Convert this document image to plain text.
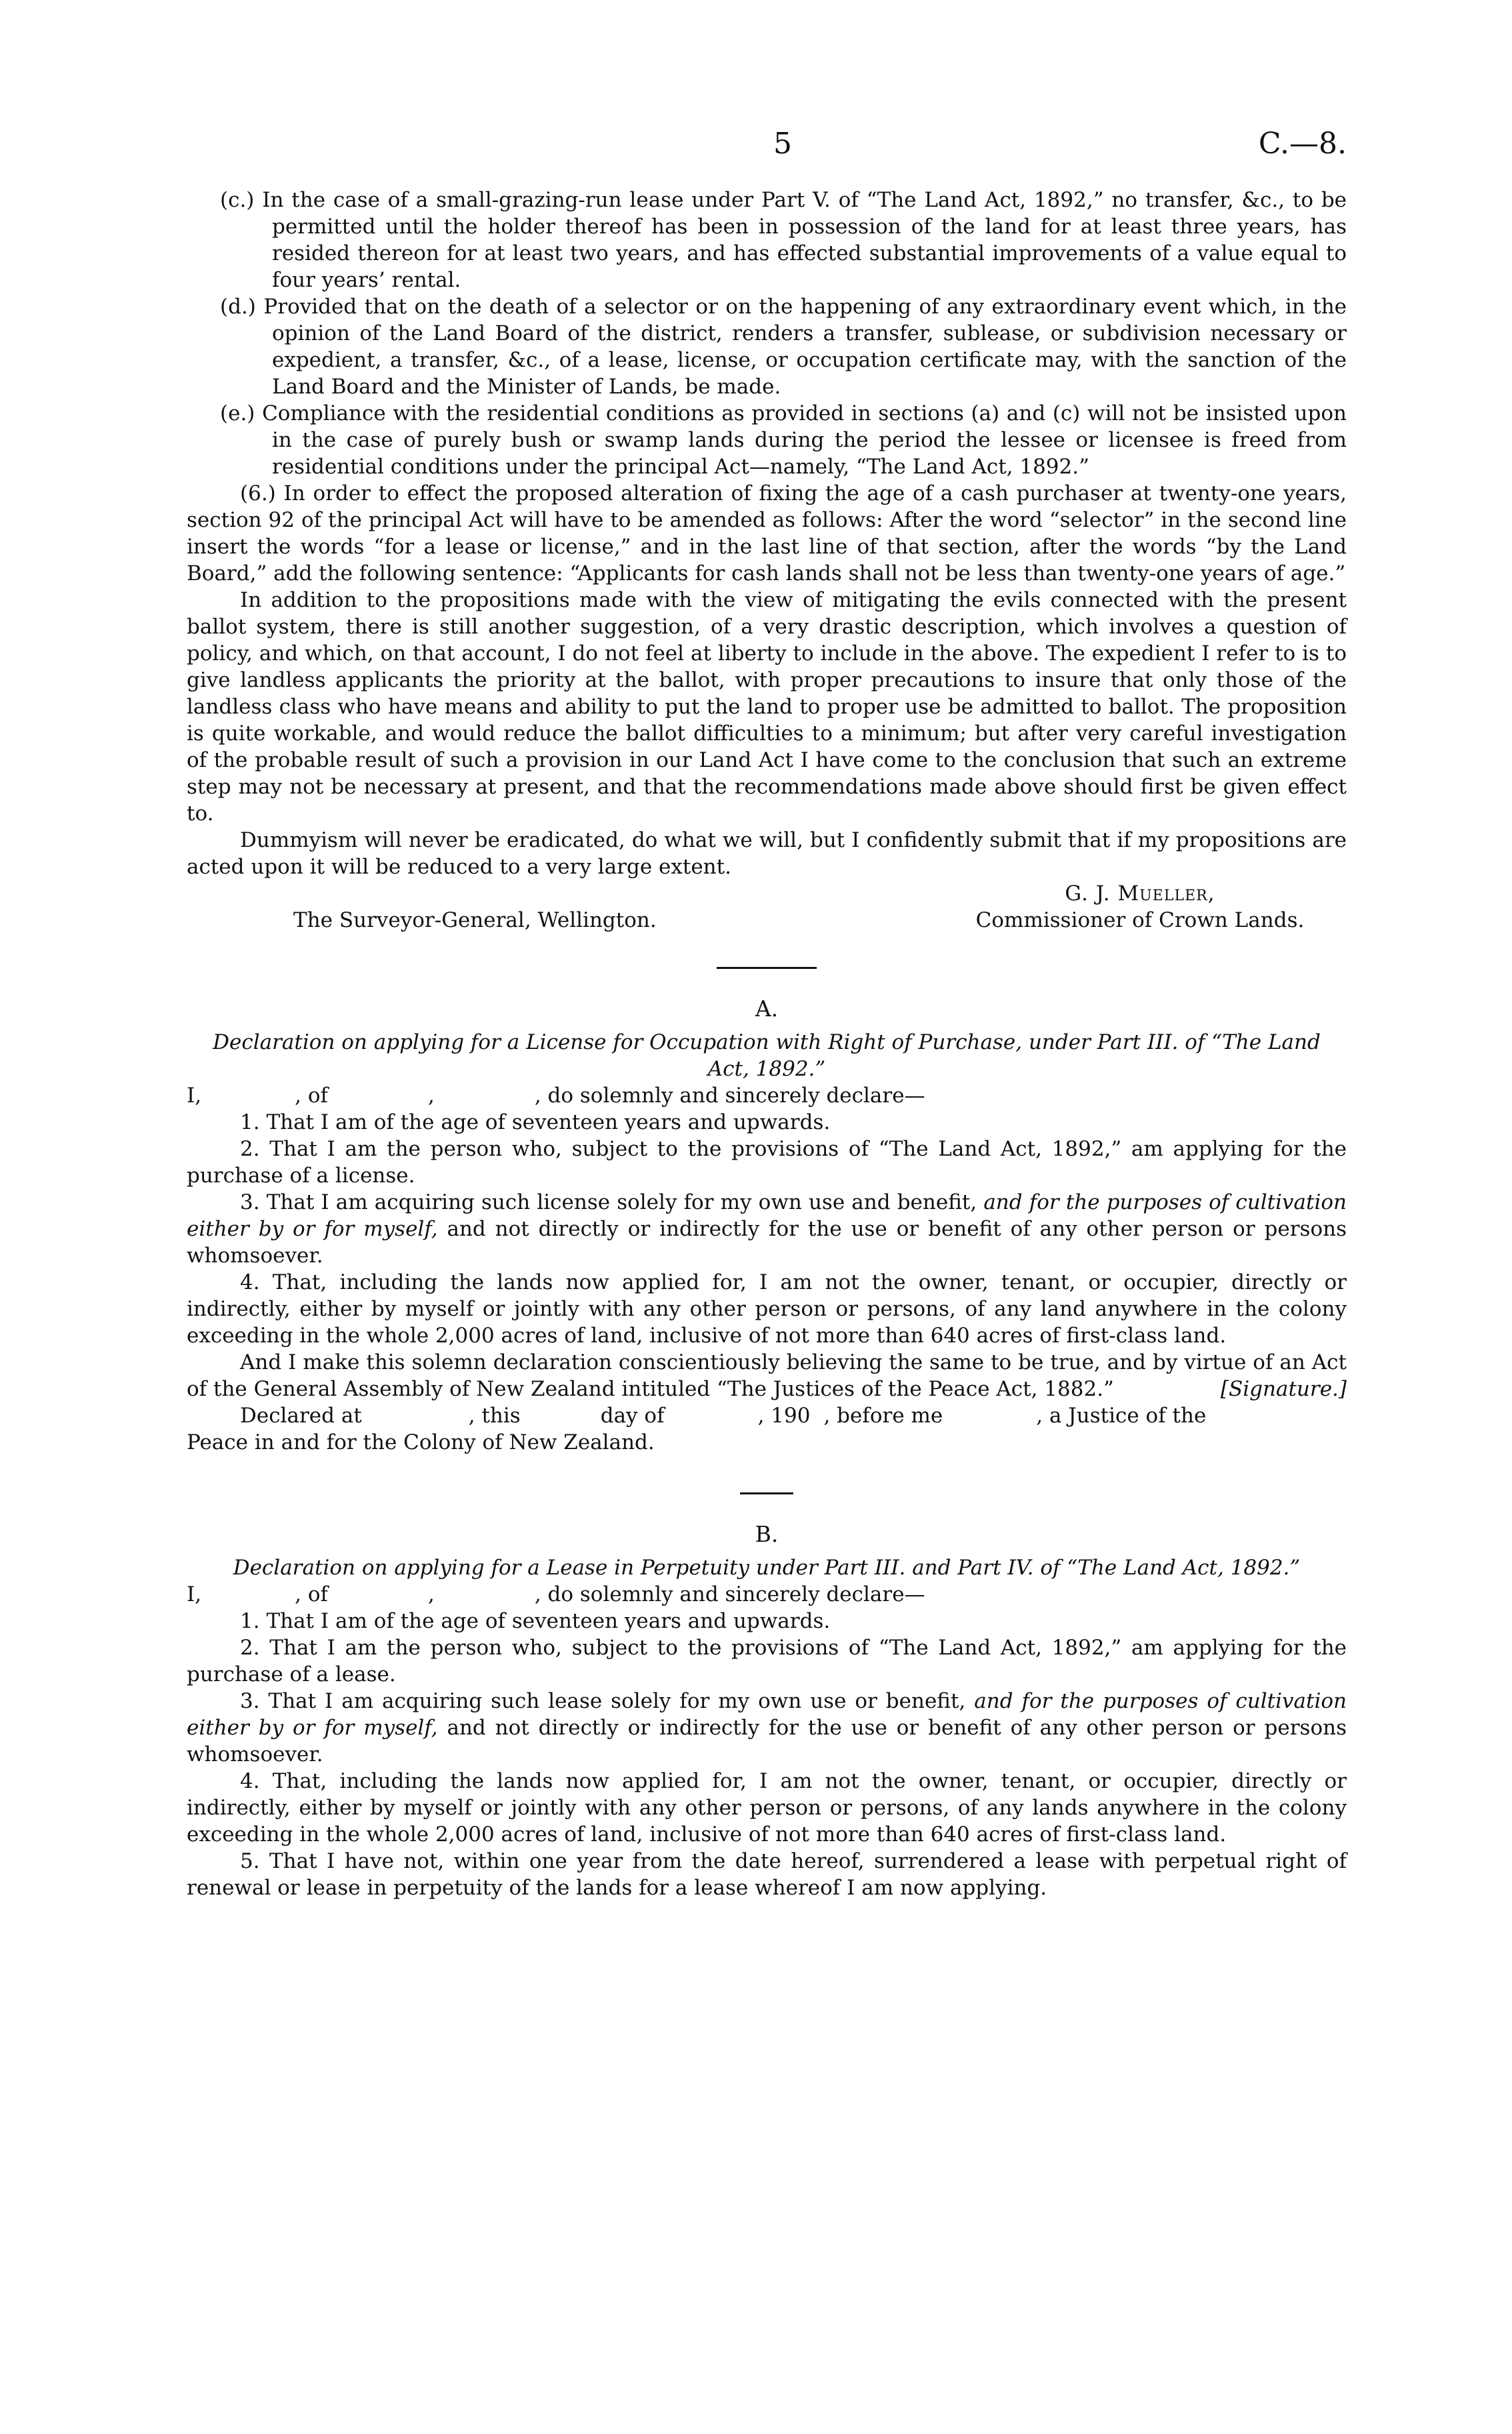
5	C.—8.

(c.) In the case of a small-grazing-run lease under Part V. of “The Land Act, 1892,” no transfer, &c., to be permitted until the holder thereof has been in possession of the land for at least three years, has resided thereon for at least two years, and has effected substantial improvements of a value equal to four years’ rental.

(d.) Provided that on the death of a selector or on the happening of any extraordinary event which, in the opinion of the Land Board of the district, renders a transfer, sublease, or subdivision necessary or expedient, a transfer, &c., of a lease, license, or occupation certificate may, with the sanction of the Land Board and the Minister of Lands, be made.

(e.) Compliance with the residential conditions as provided in sections (a) and (c) will not be insisted upon in the case of purely bush or swamp lands during the period the lessee or licensee is freed from residential conditions under the principal Act—namely, “The Land Act, 1892.”

(6.) In order to effect the proposed alteration of fixing the age of a cash purchaser at twenty-one years, section 92 of the principal Act will have to be amended as follows: After the word “selector” in the second line insert the words “for a lease or license,” and in the last line of that section, after the words “by the Land Board,” add the following sentence: “Applicants for cash lands shall not be less than twenty-one years of age.”

In addition to the propositions made with the view of mitigating the evils connected with the present ballot system, there is still another suggestion, of a very drastic description, which involves a question of policy, and which, on that account, I do not feel at liberty to include in the above. The expedient I refer to is to give landless applicants the priority at the ballot, with proper precautions to insure that only those of the landless class who have means and ability to put the land to proper use be admitted to ballot. The proposition is quite workable, and would reduce the ballot difficulties to a minimum; but after very careful investigation of the probable result of such a provision in our Land Act I have come to the conclusion that such an extreme step may not be necessary at present, and that the recommendations made above should first be given effect to.

Dummyism will never be eradicated, do what we will, but I confidently submit that if my propositions are acted upon it will be reduced to a very large extent.

G. J. Mueller,
The Surveyor-General, Wellington.	Commissioner of Crown Lands.
A.

Declaration on applying for a License for Occupation with Right of Purchase, under Part III. of “The Land Act, 1892.”

I,	, of	,	, do solemnly and sincerely declare—

1. That I am of the age of seventeen years and upwards.

2. That I am the person who, subject to the provisions of “The Land Act, 1892,” am applying for the purchase of a license.

3. That I am acquiring such license solely for my own use and benefit, and for the purposes of cultivation either by or for myself, and not directly or indirectly for the use or benefit of any other person or persons whomsoever.

4. That, including the lands now applied for, I am not the owner, tenant, or occupier, directly or indirectly, either by myself or jointly with any other person or persons, of any land anywhere in the colony exceeding in the whole 2,000 acres of land, inclusive of not more than 640 acres of first-class land.

And I make this solemn declaration conscientiously believing the same to be true, and by virtue of an Act of the General Assembly of New Zealand intituled “The Justices of the Peace Act, 1882.”	[Signature.]

Declared at	, this	day of	, 190 , before me	, a Justice of the

Peace in and for the Colony of New Zealand.

B.

Declaration on applying for a Lease in Perpetuity under Part III. and Part IV. of “The Land Act, 1892.”

I,	, of	,	, do solemnly and sincerely declare—

1. That I am of the age of seventeen years and upwards.

2. That I am the person who, subject to the provisions of “The Land Act, 1892,” am applying for the purchase of a lease.

3. That I am acquiring such lease solely for my own use or benefit, and for the purposes of cultivation either by or for myself, and not directly or indirectly for the use or benefit of any other person or persons whomsoever.

4. That, including the lands now applied for, I am not the owner, tenant, or occupier, directly or indirectly, either by myself or jointly with any other person or persons, of any lands anywhere in the colony exceeding in the whole 2,000 acres of land, inclusive of not more than 640 acres of first-class land.

5. That I have not, within one year from the date hereof, surrendered a lease with perpetual right of renewal or lease in perpetuity of the lands for a lease whereof I am now applying.
